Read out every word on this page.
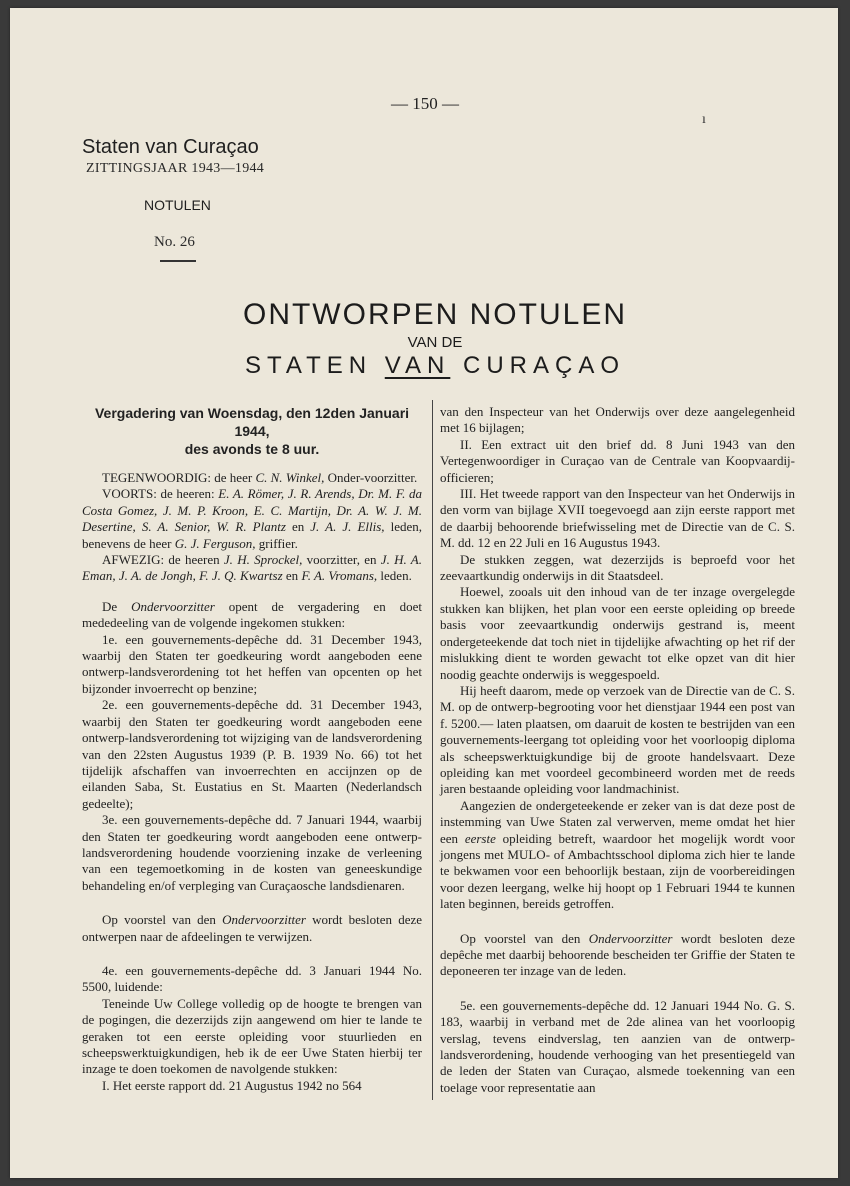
— 150 —
ı
Staten van Curaçao
ZITTINGSJAAR 1943—1944
NOTULEN
No. 26
ONTWORPEN NOTULEN
VAN DE
STATEN VAN CURAÇAO

Vergadering van Woensdag, den 12den Januari 1944,
des avonds te 8 uur.

TEGENWOORDIG: de heer C. N. Winkel, Onder-voorzitter.

VOORTS: de heeren: E. A. Römer, J. R. Arends, Dr. M. F. da Costa Gomez, J. M. P. Kroon, E. C. Martijn, Dr. A. W. J. M. Desertine, S. A. Senior, W. R. Plantz en J. A. J. Ellis, leden, benevens de heer G. J. Ferguson, griffier.

AFWEZIG: de heeren J. H. Sprockel, voorzitter, en J. H. A. Eman, J. A. de Jongh, F. J. Q. Kwartsz en F. A. Vromans, leden.

De Ondervoorzitter opent de vergadering en doet mededeeling van de volgende ingekomen stukken:

1e. een gouvernements-depêche dd. 31 December 1943, waarbij den Staten ter goedkeuring wordt aangeboden eene ontwerp-landsverordening tot het heffen van opcenten op het bijzonder invoerrecht op benzine;

2e. een gouvernements-depêche dd. 31 December 1943, waarbij den Staten ter goedkeuring wordt aangeboden eene ontwerp-landsverordening tot wijziging van de landsverordening van den 22sten Augustus 1939 (P. B. 1939 No. 66) tot het tijdelijk afschaffen van invoerrechten en accijnzen op de eilanden Saba, St. Eustatius en St. Maarten (Nederlandsch gedeelte);

3e. een gouvernements-depêche dd. 7 Januari 1944, waarbij den Staten ter goedkeuring wordt aangeboden eene ontwerp-landsverordening houdende voorziening inzake de verleening van een tegemoetkoming in de kosten van geneeskundige behandeling en/of verpleging van Curaçaosche landsdienaren.

Op voorstel van den Ondervoorzitter wordt besloten deze ontwerpen naar de afdeelingen te verwijzen.

4e. een gouvernements-depêche dd. 3 Januari 1944 No. 5500, luidende:

Teneinde Uw College volledig op de hoogte te brengen van de pogingen, die dezerzijds zijn aangewend om hier te lande te geraken tot een eerste opleiding voor stuurlieden en scheepswerktuigkundigen, heb ik de eer Uwe Staten hierbij ter inzage te doen toekomen de navolgende stukken:

I. Het eerste rapport dd. 21 Augustus 1942 no 564

van den Inspecteur van het Onderwijs over deze aangelegenheid met 16 bijlagen;

II. Een extract uit den brief dd. 8 Juni 1943 van den Vertegenwoordiger in Curaçao van de Centrale van Koopvaardij-officieren;

III. Het tweede rapport van den Inspecteur van het Onderwijs in den vorm van bijlage XVII toegevoegd aan zijn eerste rapport met de daarbij behoorende briefwisseling met de Directie van de C. S. M. dd. 12 en 22 Juli en 16 Augustus 1943.

De stukken zeggen, wat dezerzijds is beproefd voor het zeevaartkundig onderwijs in dit Staatsdeel.

Hoewel, zooals uit den inhoud van de ter inzage overgelegde stukken kan blijken, het plan voor een eerste opleiding op breede basis voor zeevaartkundig onderwijs gestrand is, meent ondergeteekende dat toch niet in tijdelijke afwachting op het rif der mislukking dient te worden gewacht tot elke opzet van dit hier noodig geachte onderwijs is weggespoeld.

Hij heeft daarom, mede op verzoek van de Directie van de C. S. M. op de ontwerp-begrooting voor het dienstjaar 1944 een post van f. 5200.— laten plaatsen, om daaruit de kosten te bestrijden van een gouvernements-leergang tot opleiding voor het voorloopig diploma als scheepswerktuigkundige bij de groote handelsvaart. Deze opleiding kan met voordeel gecombineerd worden met de reeds jaren bestaande opleiding voor landmachinist.

Aangezien de ondergeteekende er zeker van is dat deze post de instemming van Uwe Staten zal verwerven, meme omdat het hier een eerste opleiding betreft, waardoor het mogelijk wordt voor jongens met MULO- of Ambachtsschool diploma zich hier te lande te bekwamen voor een behoorlijk bestaan, zijn de voorbereidingen voor dezen leergang, welke hij hoopt op 1 Februari 1944 te kunnen laten beginnen, bereids getroffen.

Op voorstel van den Ondervoorzitter wordt besloten deze depêche met daarbij behoorende bescheiden ter Griffie der Staten te deponeeren ter inzage van de leden.

5e. een gouvernements-depêche dd. 12 Januari 1944 No. G. S. 183, waarbij in verband met de 2de alinea van het voorloopig verslag, tevens eindverslag, ten aanzien van de ontwerp-landsverordening, houdende verhooging van het presentiegeld van de leden der Staten van Curaçao, alsmede toekenning van een toelage voor representatie aan
